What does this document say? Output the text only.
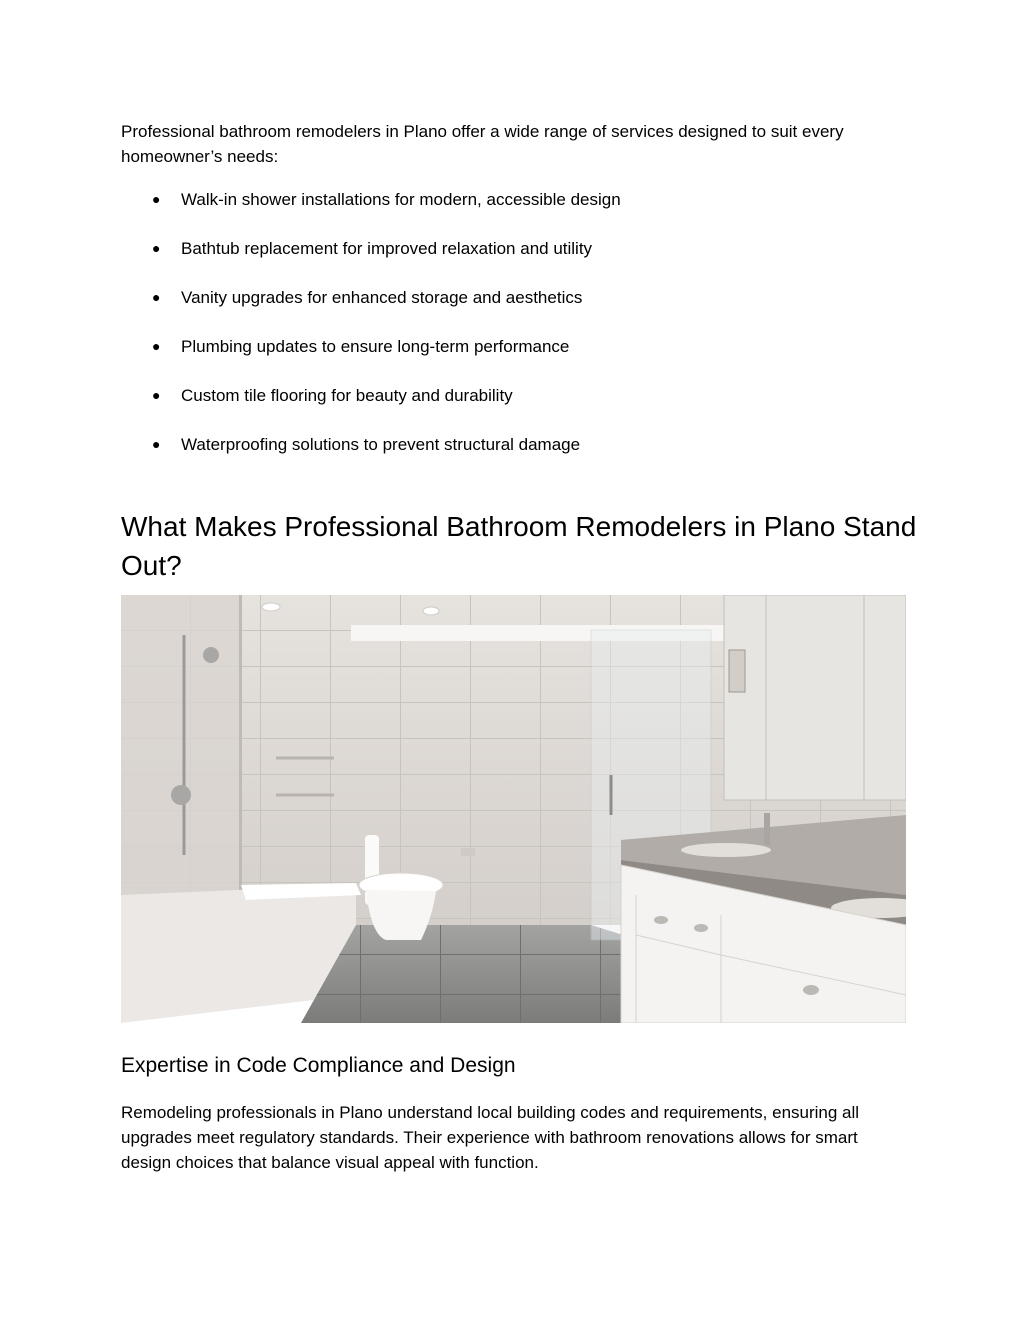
Professional bathroom remodelers in Plano offer a wide range of services designed to suit every homeowner’s needs:

● Walk-in shower installations for modern, accessible design
● Bathtub replacement for improved relaxation and utility
● Vanity upgrades for enhanced storage and aesthetics
● Plumbing updates to ensure long-term performance
● Custom tile flooring for beauty and durability
● Waterproofing solutions to prevent structural damage
What Makes Professional Bathroom Remodelers in Plano Stand Out?
Expertise in Code Compliance and Design

Remodeling professionals in Plano understand local building codes and requirements, ensuring all upgrades meet regulatory standards. Their experience with bathroom renovations allows for smart design choices that balance visual appeal with function.
